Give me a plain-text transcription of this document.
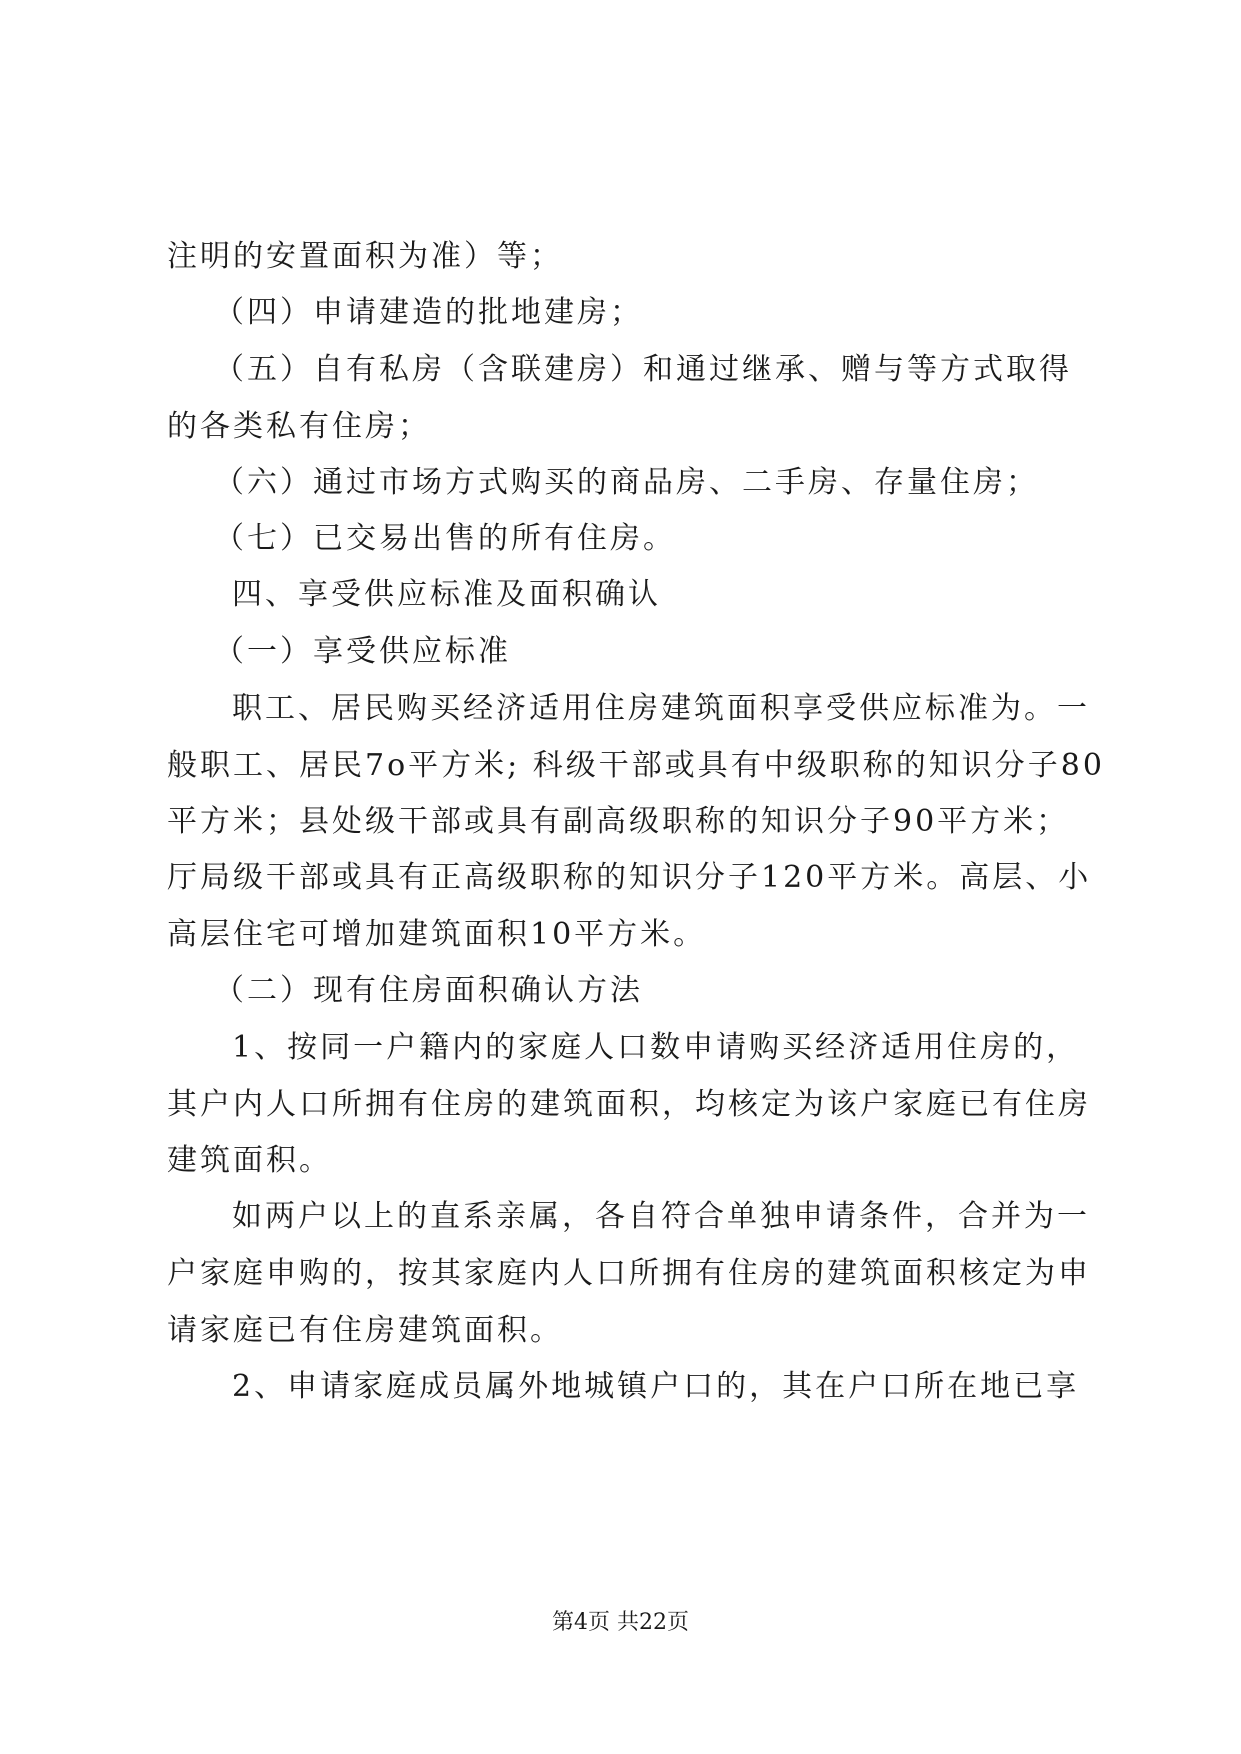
注明的安置面积为准）等；
（四）申请建造的批地建房；
（五）自有私房（含联建房）和通过继承、赠与等方式取得
的各类私有住房；
（六）通过市场方式购买的商品房、二手房、存量住房；
（七）已交易出售的所有住房。
四、享受供应标准及面积确认
（一）享受供应标准
职工、居民购买经济适用住房建筑面积享受供应标准为。一
般职工、居民7o平方米; 科级干部或具有中级职称的知识分子80
平方米；县处级干部或具有副高级职称的知识分子90平方米；
厅局级干部或具有正高级职称的知识分子120平方米。高层、小
高层住宅可增加建筑面积10平方米。
（二）现有住房面积确认方法
1、按同一户籍内的家庭人口数申请购买经济适用住房的，
其户内人口所拥有住房的建筑面积，均核定为该户家庭已有住房
建筑面积。
如两户以上的直系亲属，各自符合单独申请条件，合并为一
户家庭申购的，按其家庭内人口所拥有住房的建筑面积核定为申
请家庭已有住房建筑面积。
2、申请家庭成员属外地城镇户口的，其在户口所在地已享
第4页 共22页
